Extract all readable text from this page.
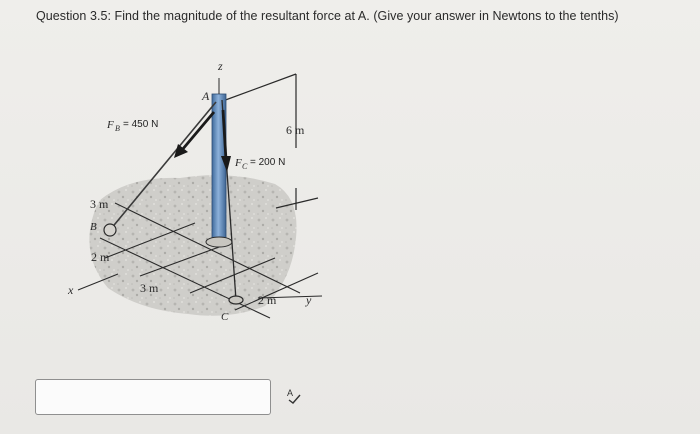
Question 3.5: Find the magnitude of the resultant force at A. (Give your answer in Newtons to the tenths)
z
A
F B = 450 N	6 m
F C = 200 N
3 m
B
2 m
x	3 m
C
2 m y
A
